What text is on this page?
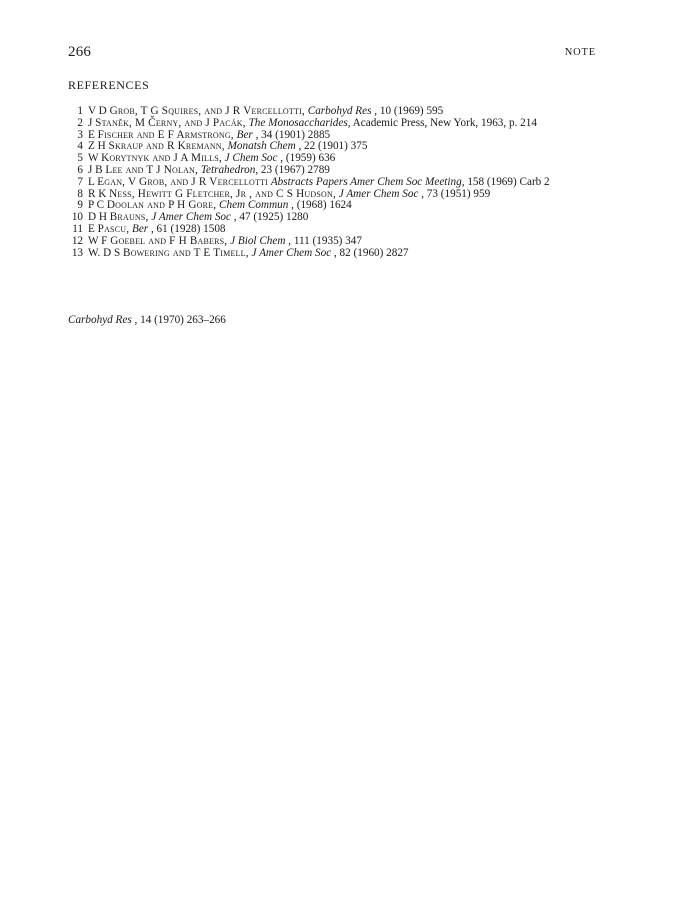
266	NOTE
REFERENCES
1 V D Grob, T G Squires, and J R Vercellotti, Carbohyd Res , 10 (1969) 595
2 J Staněk, M Černy, and J Pacák, The Monosaccharides, Academic Press, New York, 1963, p. 214
3 E Fischer and E F Armstrong, Ber , 34 (1901) 2885
4 Z H Skraup and R Kremann, Monatsh Chem , 22 (1901) 375
5 W Korytnyk and J A Mills, J Chem Soc , (1959) 636
6 J B Lee and T J Nolan, Tetrahedron, 23 (1967) 2789
7 L Egan, V Grob, and J R Vercellotti Abstracts Papers Amer Chem Soc Meeting, 158 (1969) Carb 2
8 R K Ness, Hewitt G Fletcher, Jr , and C S Hudson, J Amer Chem Soc , 73 (1951) 959
9 P C Doolan and P H Gore, Chem Commun , (1968) 1624
10 D H Brauns, J Amer Chem Soc , 47 (1925) 1280
11 E Pascu, Ber , 61 (1928) 1508
12 W F Goebel and F H Babers, J Biol Chem , 111 (1935) 347
13 W. D S Bowering and T E Timell, J Amer Chem Soc , 82 (1960) 2827
Carbohyd Res , 14 (1970) 263–266
